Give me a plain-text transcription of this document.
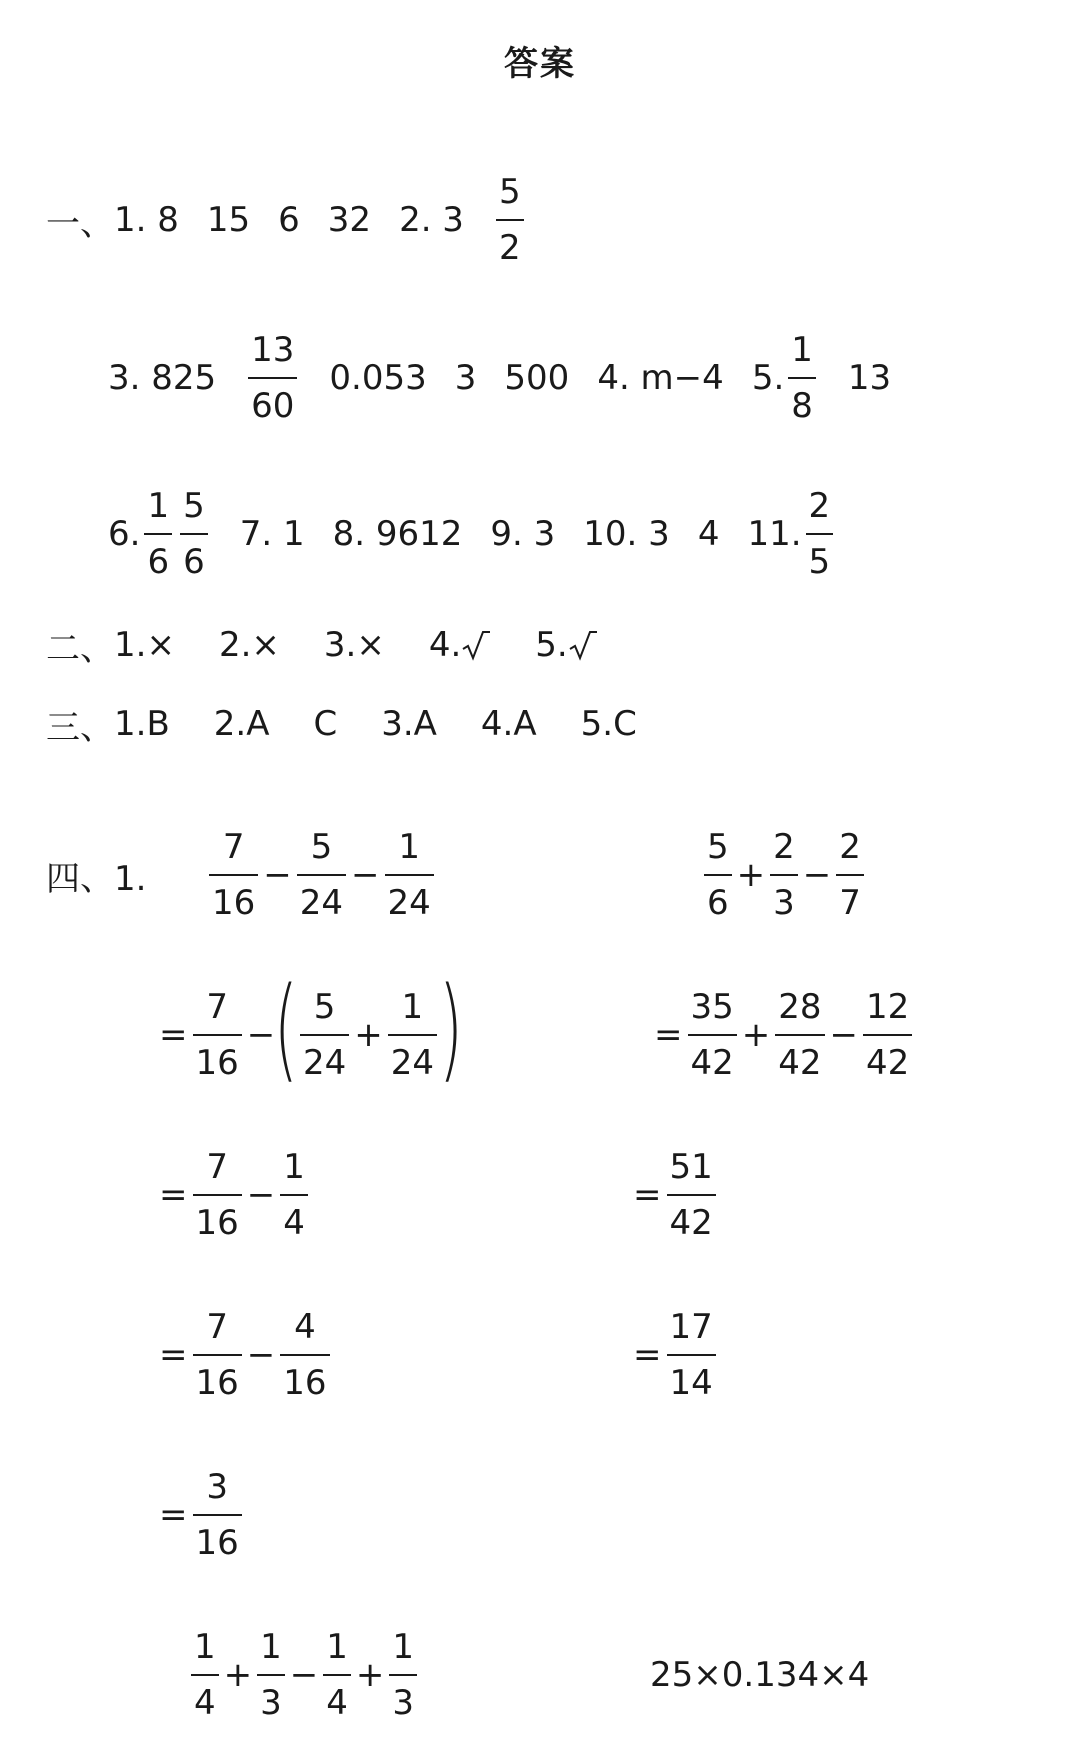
答案
一、 1. 8 15 6 32 2. $3 \frac{5}{2}$
3. $825 \frac{13}{60} 0.053$ 3 500 4. m−4 5. $\frac{1}{8} 13$
6. $\frac{1}{6} \frac{5}{6} 7$. 1 8. 9612 9. 3 10. 3 4 11. $\frac{2}{5}$
二、 1.× 2.× 3.× 4. 5.
三、 1.B 2.A C 3.A 4.A 5.C
四、1. $\frac{7}{16} - \frac{5}{24} - \frac{1}{24}$
= $\frac{7}{16}$ −
( $\frac{5}{24} + \frac{1}{24}$ )
= $\frac{7}{16} - \frac{1}{4}$
= $\frac{7}{16} - \frac{4}{16}$
= $\frac{3}{16}$
$\frac{1}{4} + \frac{1}{3} - \frac{1}{4} + \frac{1}{3}$
$\frac{5}{6} + \frac{2}{3} - \frac{2}{7}$
= $\frac{35}{42} + \frac{28}{42} - \frac{12}{42}$
= $\frac{51}{42}$
= $\frac{17}{14}$
25×0.134×4
